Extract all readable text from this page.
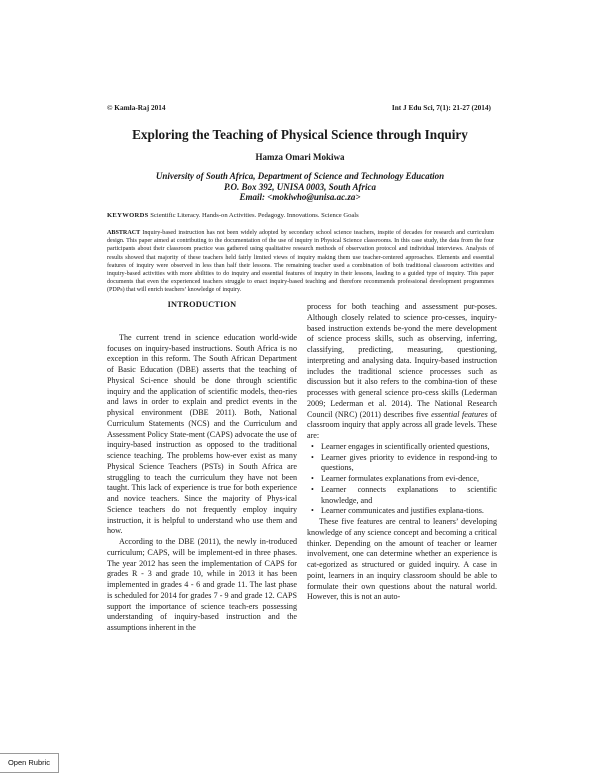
© Kamla-Raj 2014	Int J Edu Sci, 7(1): 21-27 (2014)
Exploring the Teaching of Physical Science through Inquiry
Hamza Omari Mokiwa
University of South Africa, Department of Science and Technology Education
P.O. Box 392, UNISA 0003, South Africa
Email: <mokiwho@unisa.ac.za>
KEYWORDS Scientific Literacy. Hands-on Activities. Pedagogy. Innovations. Science Goals

ABSTRACT Inquiry-based instruction has not been widely adopted by secondary school science teachers, inspite of decades for research and curriculum design. This paper aimed at contributing to the documentation of the use of inquiry in Physical Science classrooms. In this case study, the data from the four participants about their classroom practice was gathered using qualitative research methods of observation protocol and individual interviews. Analysis of results showed that majority of these teachers held fairly limited views of inquiry making them use teacher-centered approaches. Elements and essential features of inquiry were observed in less than half their lessons. The remaining teacher used a combination of both traditional classroom activities and inquiry-based activities with more abilities to do inquiry and essential features of inquiry in their lessons, leading to a guided type of inquiry. This paper documents that even the experienced teachers struggle to enact inquiry-based teaching and therefore recommends professional development programmes (PDPs) that will enrich teachers’ knowledge of inquiry.

INTRODUCTION

The current trend in science education world-wide focuses on inquiry-based instructions. South Africa is no exception in this reform. The South African Department of Basic Education (DBE) asserts that the teaching of Physical Sci-ence should be done through scientific inquiry and the application of scientific models, theo-ries and laws in order to explain and predict events in the physical environment (DBE 2011). Both, National Curriculum Statements (NCS) and the Curriculum and Assessment Policy State-ment (CAPS) advocate the use of inquiry-based instruction as opposed to the traditional science teaching. The problems how-ever exist as many Physical Science Teachers (PSTs) in South Africa are struggling to teach the curriculum they have not been taught. This lack of experience is true for both experience and novice teachers. Since the majority of Phys-ical Science teachers do not frequently employ inquiry instruction, it is helpful to understand who use them and how.

According to the DBE (2011), the newly in-troduced curriculum; CAPS, will be implement-ed in three phases. The year 2012 has seen the implementation of CAPS for grades R - 3 and grade 10, while in 2013 it has been implemented in grades 4 - 6 and grade 11. The last phase is scheduled for 2014 for grades 7 - 9 and grade 12. CAPS support the importance of science teach-ers possessing understanding of inquiry-based instruction and the assumptions inherent in the

process for both teaching and assessment pur-poses. Although closely related to science pro-cesses, inquiry-based instruction extends be-yond the mere development of science process skills, such as observing, inferring, classifying, predicting, measuring, questioning, interpreting and analysing data. Inquiry-based instruction includes the traditional science processes such as discussion but it also refers to the combina-tion of these processes with general science pro-cess skills (Lederman 2009; Lederman et al. 2014). The National Research Council (NRC) (2011) describes five essential features of classroom inquiry that apply across all grade levels. These are:

• Learner engages in scientifically oriented questions,
• Learner gives priority to evidence in respond-ing to questions,
• Learner formulates explanations from evi-dence,
• Learner connects explanations to scientific knowledge, and
• Learner communicates and justifies explana-tions.

These five features are central to leaners’ developing knowledge of any science concept and becoming a critical thinker. Depending on the amount of teacher or learner involvement, one can determine whether an experience is cat-egorized as structured or guided inquiry. A case in point, learners in an inquiry classroom should be able to formulate their own questions about the natural world. However, this is not an auto-

Open Rubric
